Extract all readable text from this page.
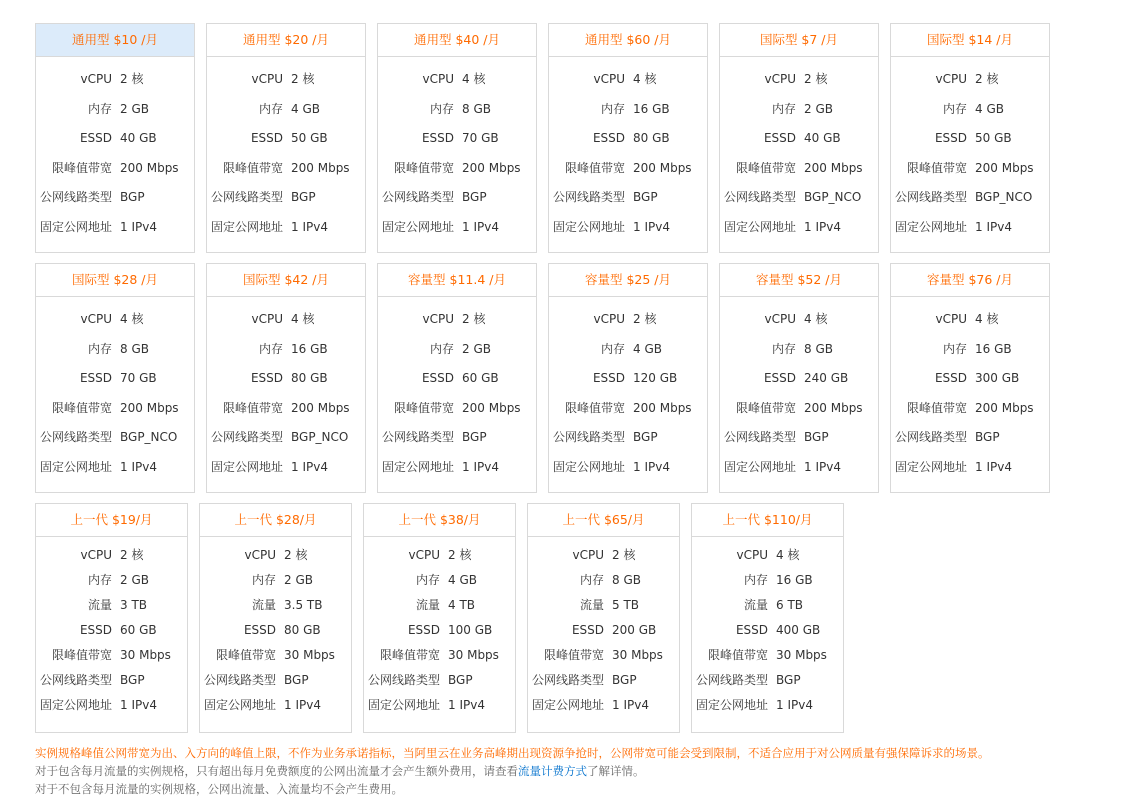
通用型 $10 /月
vCPU 2 核
内存 2 GB
ESSD 40 GB
限峰值带宽 200 Mbps
公网线路类型 BGP
固定公网地址 1 IPv4
通用型 $20 /月
vCPU 2 核
内存 4 GB
ESSD 50 GB
限峰值带宽 200 Mbps
公网线路类型 BGP
固定公网地址 1 IPv4
通用型 $40 /月
vCPU 4 核
内存 8 GB
ESSD 70 GB
限峰值带宽 200 Mbps
公网线路类型 BGP
固定公网地址 1 IPv4
通用型 $60 /月
vCPU 4 核
内存 16 GB
ESSD 80 GB
限峰值带宽 200 Mbps
公网线路类型 BGP
固定公网地址 1 IPv4
国际型 $7 /月
vCPU 2 核
内存 2 GB
ESSD 40 GB
限峰值带宽 200 Mbps
公网线路类型 BGP_NCO
固定公网地址 1 IPv4
国际型 $14 /月
vCPU 2 核
内存 4 GB
ESSD 50 GB
限峰值带宽 200 Mbps
公网线路类型 BGP_NCO
固定公网地址 1 IPv4
国际型 $28 /月
vCPU 4 核
内存 8 GB
ESSD 70 GB
限峰值带宽 200 Mbps
公网线路类型 BGP_NCO
固定公网地址 1 IPv4
国际型 $42 /月
vCPU 4 核
内存 16 GB
ESSD 80 GB
限峰值带宽 200 Mbps
公网线路类型 BGP_NCO
固定公网地址 1 IPv4
容量型 $11.4 /月
vCPU 2 核
内存 2 GB
ESSD 60 GB
限峰值带宽 200 Mbps
公网线路类型 BGP
固定公网地址 1 IPv4
容量型 $25 /月
vCPU 2 核
内存 4 GB
ESSD 120 GB
限峰值带宽 200 Mbps
公网线路类型 BGP
固定公网地址 1 IPv4
容量型 $52 /月
vCPU 4 核
内存 8 GB
ESSD 240 GB
限峰值带宽 200 Mbps
公网线路类型 BGP
固定公网地址 1 IPv4
容量型 $76 /月
vCPU 4 核
内存 16 GB
ESSD 300 GB
限峰值带宽 200 Mbps
公网线路类型 BGP
固定公网地址 1 IPv4
上一代 $19/月
vCPU 2 核
内存 2 GB
流量 3 TB
ESSD 60 GB
限峰值带宽 30 Mbps
公网线路类型 BGP
固定公网地址 1 IPv4
上一代 $28/月
vCPU 2 核
内存 2 GB
流量 3.5 TB
ESSD 80 GB
限峰值带宽 30 Mbps
公网线路类型 BGP
固定公网地址 1 IPv4
上一代 $38/月
vCPU 2 核
内存 4 GB
流量 4 TB
ESSD 100 GB
限峰值带宽 30 Mbps
公网线路类型 BGP
固定公网地址 1 IPv4
上一代 $65/月
vCPU 2 核
内存 8 GB
流量 5 TB
ESSD 200 GB
限峰值带宽 30 Mbps
公网线路类型 BGP
固定公网地址 1 IPv4
上一代 $110/月
vCPU 4 核
内存 16 GB
流量 6 TB
ESSD 400 GB
限峰值带宽 30 Mbps
公网线路类型 BGP
固定公网地址 1 IPv4
实例规格峰值公网带宽为出、入方向的峰值上限，不作为业务承诺指标，当阿里云在业务高峰期出现资源争抢时，公网带宽可能会受到限制，不适合应用于对公网质量有强保障诉求的场景。
对于包含每月流量的实例规格，只有超出每月免费额度的公网出流量才会产生额外费用，请查看流量计费方式了解详情。
对于不包含每月流量的实例规格，公网出流量、入流量均不会产生费用。
